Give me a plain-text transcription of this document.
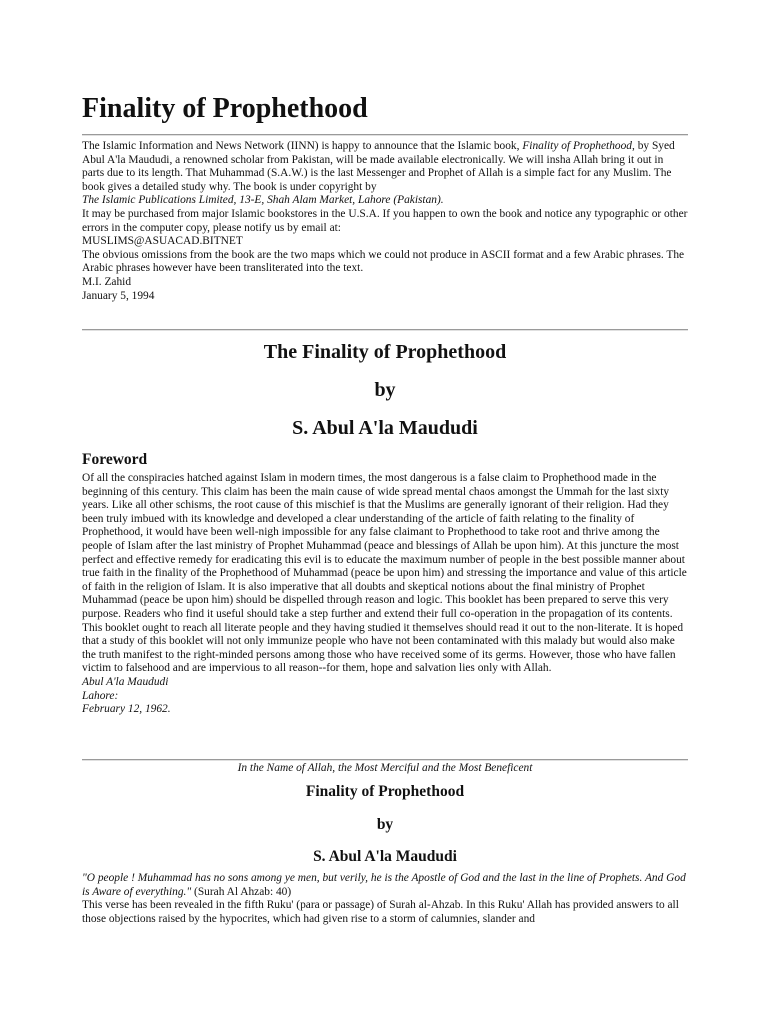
Finality of Prophethood

The Islamic Information and News Network (IINN) is happy to announce that the Islamic book, Finality of Prophethood, by Syed Abul A'la Maududi, a renowned scholar from Pakistan, will be made available electronically. We will insha Allah bring it out in parts due to its length. That Muhammad (S.A.W.) is the last Messenger and Prophet of Allah is a simple fact for any Muslim. The book gives a detailed study why. The book is under copyright by

The Islamic Publications Limited, 13-E, Shah Alam Market, Lahore (Pakistan).

It may be purchased from major Islamic bookstores in the U.S.A. If you happen to own the book and notice any typographic or other errors in the computer copy, please notify us by email at:

MUSLIMS@ASUACAD.BITNET

The obvious omissions from the book are the two maps which we could not produce in ASCII format and a few Arabic phrases. The Arabic phrases however have been transliterated into the text.

M.I. Zahid

January 5, 1994

The Finality of Prophethood
by
S. Abul A'la Maududi
Foreword

Of all the conspiracies hatched against Islam in modern times, the most dangerous is a false claim to Prophethood made in the beginning of this century. This claim has been the main cause of wide spread mental chaos amongst the Ummah for the last sixty years. Like all other schisms, the root cause of this mischief is that the Muslims are generally ignorant of their religion. Had they been truly imbued with its knowledge and developed a clear understanding of the article of faith relating to the finality of Prophethood, it would have been well-nigh impossible for any false claimant to Prophethood to take root and thrive among the people of Islam after the last ministry of Prophet Muhammad (peace and blessings of Allah be upon him). At this juncture the most perfect and effective remedy for eradicating this evil is to educate the maximum number of people in the best possible manner about true faith in the finality of the Prophethood of Muhammad (peace be upon him) and stressing the importance and value of this article of faith in the religion of Islam. It is also imperative that all doubts and skeptical notions about the final ministry of Prophet Muhammad (peace be upon him) should be dispelled through reason and logic. This booklet has been prepared to serve this very purpose. Readers who find it useful should take a step further and extend their full co-operation in the propagation of its contents. This booklet ought to reach all literate people and they having studied it themselves should read it out to the non-literate. It is hoped that a study of this booklet will not only immunize people who have not been contaminated with this malady but would also make the truth manifest to the right-minded persons among those who have received some of its germs. However, those who have fallen victim to falsehood and are impervious to all reason--for them, hope and salvation lies only with Allah.

Abul A'la Maududi

Lahore:

February 12, 1962.

In the Name of Allah, the Most Merciful and the Most Beneficent

Finality of Prophethood
by
S. Abul A'la Maududi

"O people ! Muhammad has no sons among ye men, but verily, he is the Apostle of God and the last in the line of Prophets. And God is Aware of everything." (Surah Al Ahzab: 40)

This verse has been revealed in the fifth Ruku' (para or passage) of Surah al-Ahzab. In this Ruku' Allah has provided answers to all those objections raised by the hypocrites, which had given rise to a storm of calumnies, slander and
